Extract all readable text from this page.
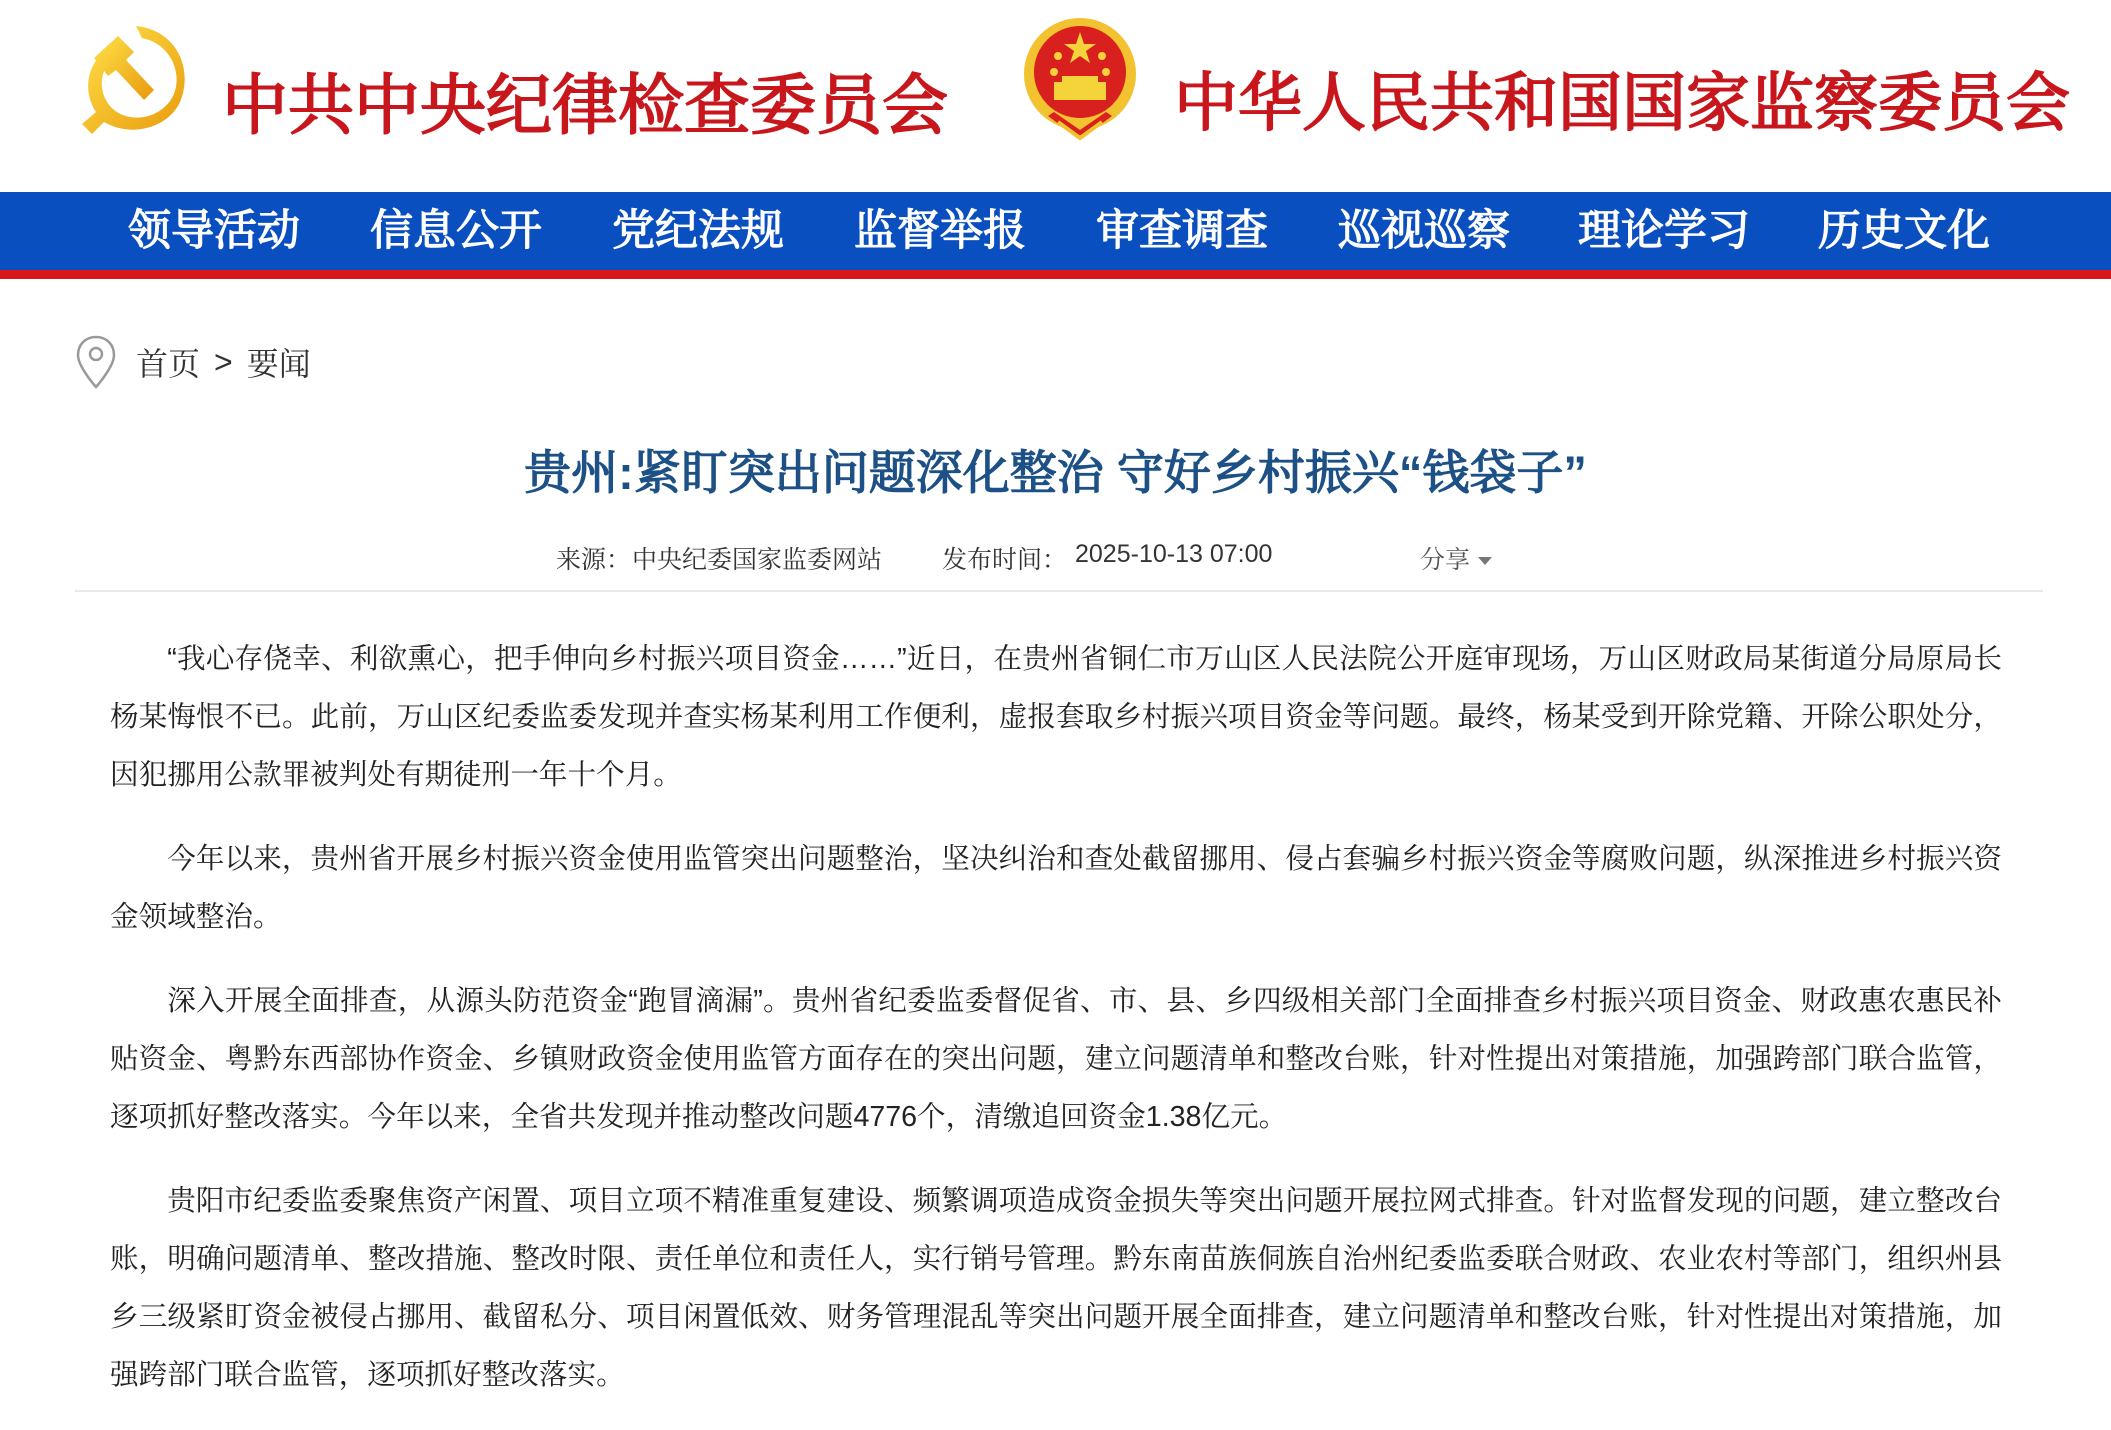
中共中央纪律检查委员会	中华人民共和国国家监察委员会
领导活动 信息公开 党纪法规 监督举报 审查调查 巡视巡察 理论学习 历史文化
首页 > 要闻
贵州:紧盯突出问题深化整治 守好乡村振兴“钱袋子”
来源： 中央纪委国家监委网站 发布时间： 2025-10-13 07:00	分享

“我心存侥幸、利欲熏心，把手伸向乡村振兴项目资金……”近日，在贵州省铜仁市万山区人民法院公开庭审现场，万山区财政局某街道分局原局长杨某悔恨不已。此前，万山区纪委监委发现并查实杨某利用工作便利，虚报套取乡村振兴项目资金等问题。最终，杨某受到开除党籍、开除公职处分，因犯挪用公款罪被判处有期徒刑一年十个月。

今年以来，贵州省开展乡村振兴资金使用监管突出问题整治，坚决纠治和查处截留挪用、侵占套骗乡村振兴资金等腐败问题，纵深推进乡村振兴资金领域整治。

深入开展全面排查，从源头防范资金“跑冒滴漏”。贵州省纪委监委督促省、市、县、乡四级相关部门全面排查乡村振兴项目资金、财政惠农惠民补贴资金、粤黔东西部协作资金、乡镇财政资金使用监管方面存在的突出问题，建立问题清单和整改台账，针对性提出对策措施，加强跨部门联合监管，逐项抓好整改落实。今年以来，全省共发现并推动整改问题4776个，清缴追回资金1.38亿元。

贵阳市纪委监委聚焦资产闲置、项目立项不精准重复建设、频繁调项造成资金损失等突出问题开展拉网式排查。针对监督发现的问题，建立整改台账，明确问题清单、整改措施、整改时限、责任单位和责任人，实行销号管理。黔东南苗族侗族自治州纪委监委联合财政、农业农村等部门，组织州县乡三级紧盯资金被侵占挪用、截留私分、项目闲置低效、财务管理混乱等突出问题开展全面排查，建立问题清单和整改台账，针对性提出对策措施，加强跨部门联合监管，逐项抓好整改落实。
